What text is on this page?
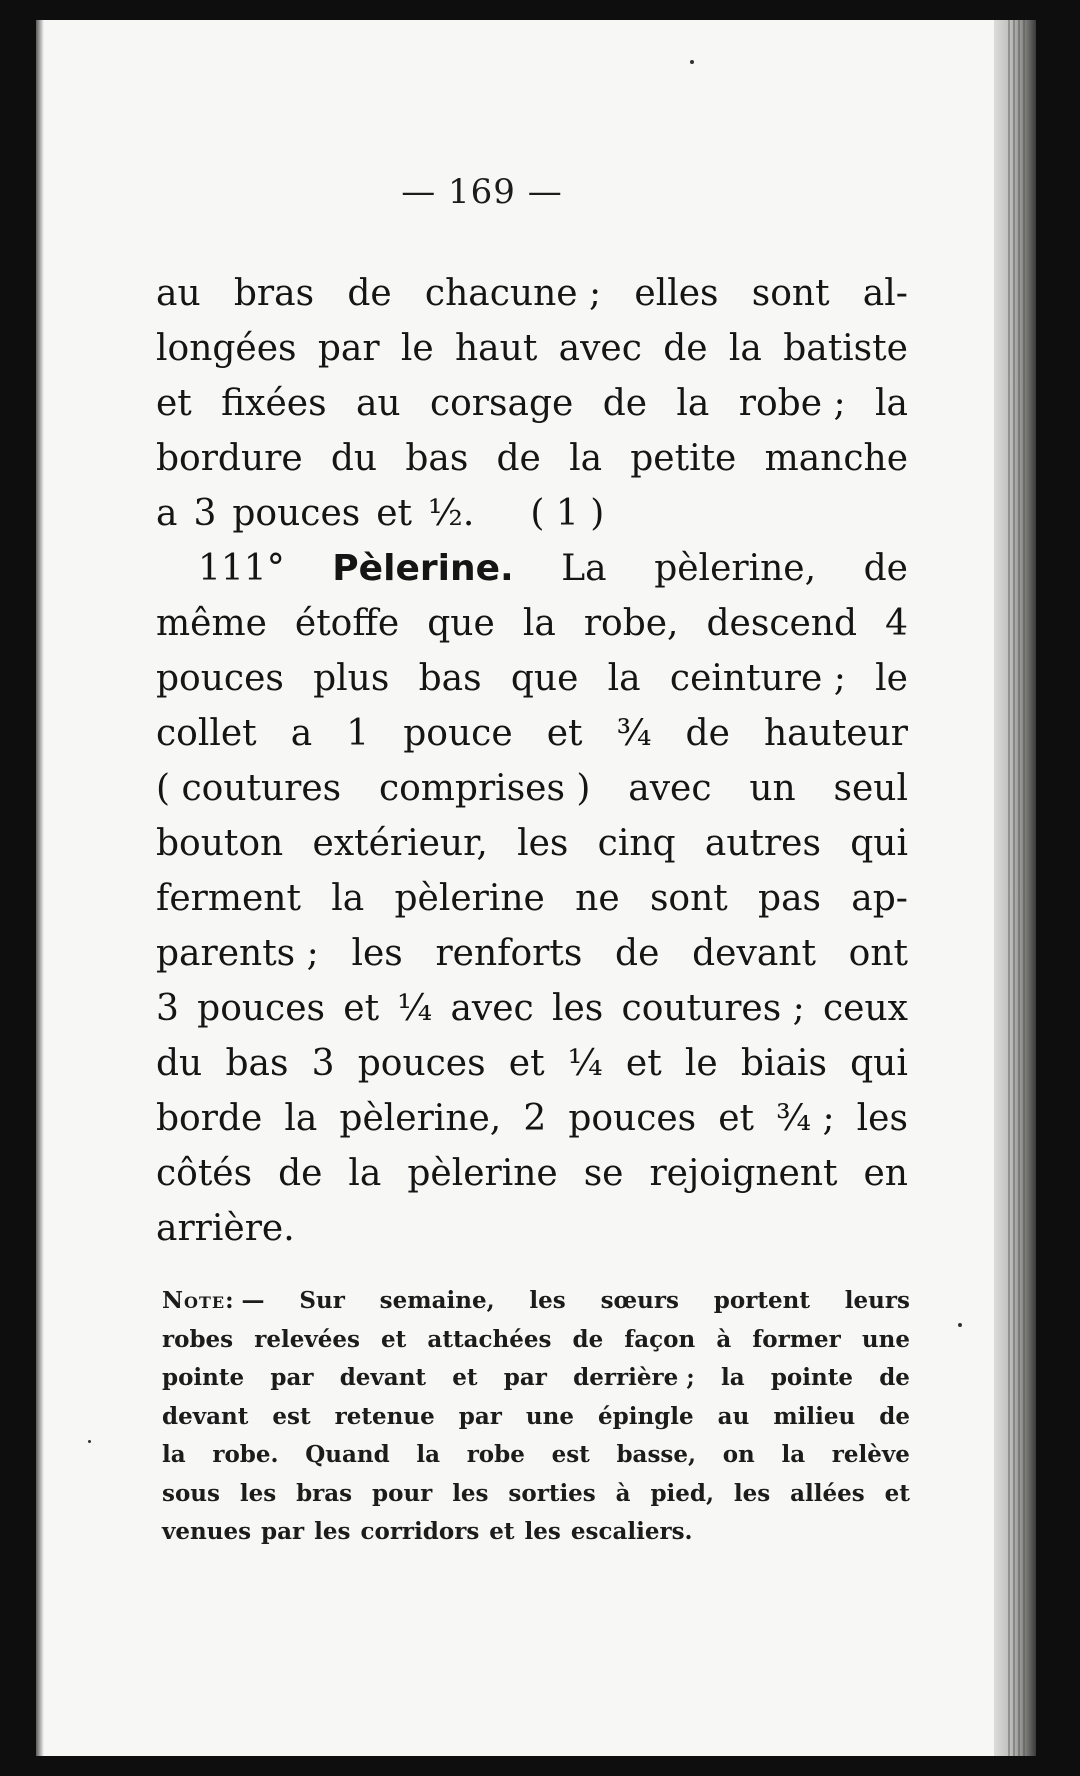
— 169 —
au bras de chacune ; elles sont al-
longées par le haut avec de la batiste
et fixées au corsage de la robe ; la
bordure du bas de la petite manche
a 3 pouces et ½. ( 1 )
111° Pèlerine. La pèlerine, de
même étoffe que la robe, descend 4
pouces plus bas que la ceinture ; le
collet a 1 pouce et ¾ de hauteur
( coutures comprises ) avec un seul
bouton extérieur, les cinq autres qui
ferment la pèlerine ne sont pas ap-
parents ; les renforts de devant ont
3 pouces et ¼ avec les coutures ; ceux
du bas 3 pouces et ¼ et le biais qui
borde la pèlerine, 2 pouces et ¾ ; les
côtés de la pèlerine se rejoignent en
arrière.
Note: — Sur semaine, les sœurs portent leurs
robes relevées et attachées de façon à former une
pointe par devant et par derrière ; la pointe de
devant est retenue par une épingle au milieu de
la robe. Quand la robe est basse, on la relève
sous les bras pour les sorties à pied, les allées et
venues par les corridors et les escaliers.
